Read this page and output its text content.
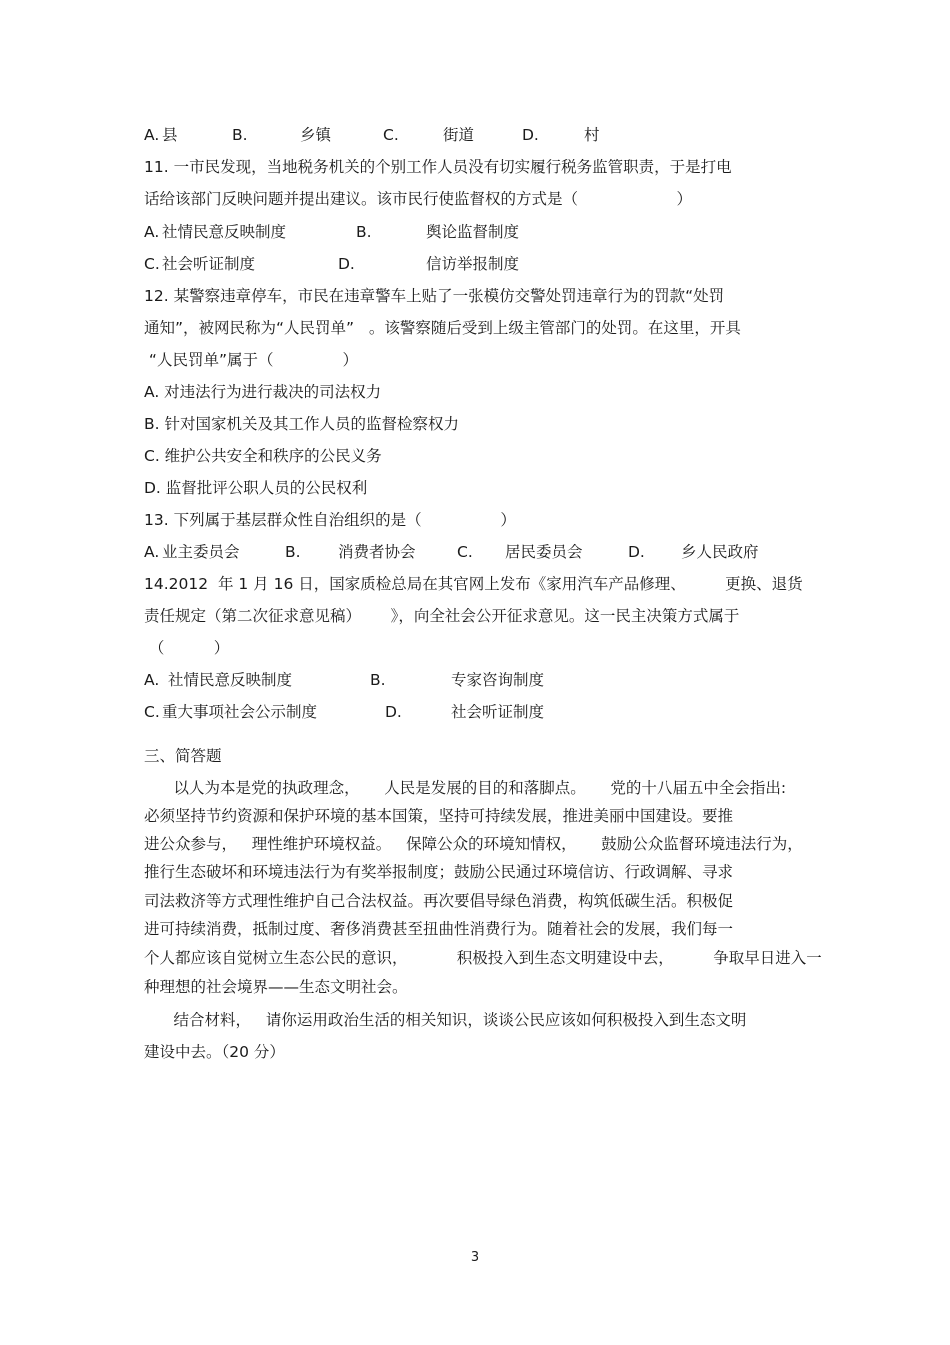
A. 县	B.	乡镇	C.	街道	D.	村

11. 一市民发现，当地税务机关的个别工作人员没有切实履行税务监管职责，于是打电

话给该部门反映问题并提出建议。该市民行使监督权的方式是（                    ）

A. 社情民意反映制度	B.	舆论监督制度
C. 社会听证制度	D.	信访举报制度

12. 某警察违章停车，市民在违章警车上贴了一张模仿交警处罚违章行为的罚款“处罚

通知”，被网民称为“人民罚单”   。该警察随后受到上级主管部门的处罚。在这里，开具

“人民罚单”属于（              ）

A. 对违法行为进行裁决的司法权力

B. 针对国家机关及其工作人员的监督检察权力

C. 维护公共安全和秩序的公民义务

D. 监督批评公职人员的公民权利

13. 下列属于基层群众性自治组织的是（                ）

A. 业主委员会	B. 消费者协会	C. 居民委员会	D. 乡人民政府

14.2012  年 1 月 16 日，国家质检总局在其官网上发布《家用汽车产品修理、        更换、退货

责任规定（第二次征求意见稿）      》，向全社会公开征求意见。这一民主决策方式属于

（          ）

A. 社情民意反映制度	B.	专家咨询制度
C. 重大事项社会公示制度	D.	社会听证制度

三、简答题

以人为本是党的执政理念，     人民是发展的目的和落脚点。     党的十八届五中全会指出:

必须坚持节约资源和保护环境的基本国策，坚持可持续发展，推进美丽中国建设。要推

进公众参与，   理性维护环境权益。   保障公众的环境知情权，     鼓励公众监督环境违法行为，

推行生态破坏和环境违法行为有奖举报制度；鼓励公民通过环境信访、行政调解、寻求

司法救济等方式理性维护自己合法权益。再次要倡导绿色消费，构筑低碳生活。积极促

进可持续消费，抵制过度、奢侈消费甚至扭曲性消费行为。随着社会的发展，我们每一

个人都应该自觉树立生态公民的意识，          积极投入到生态文明建设中去，        争取早日进入一

种理想的社会境界——生态文明社会。

结合材料，   请你运用政治生活的相关知识，谈谈公民应该如何积极投入到生态文明

建设中去。（20 分）

3
